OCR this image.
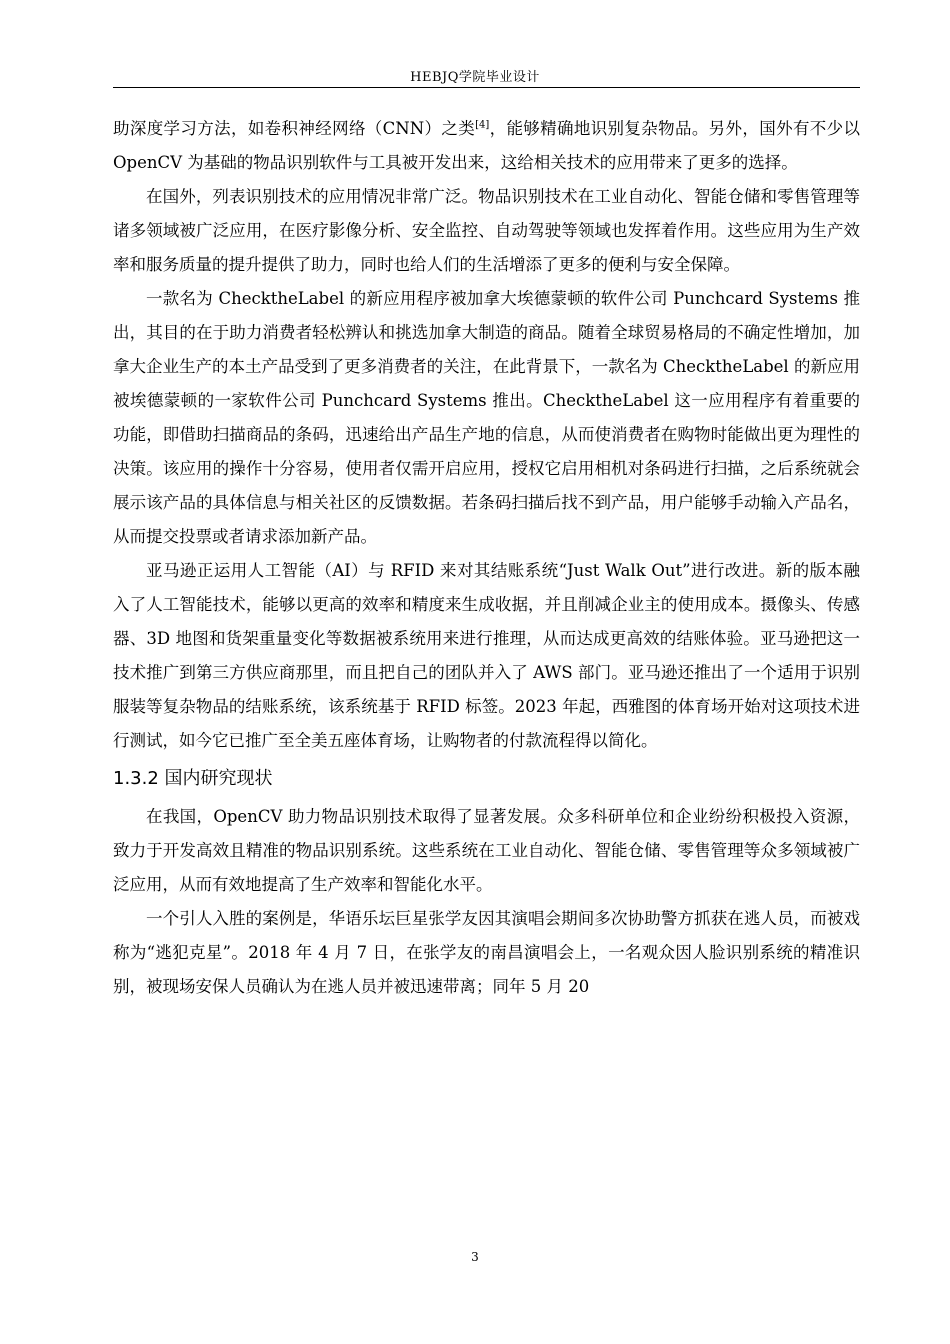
HEBJQ学院毕业设计

助深度学习方法，如卷积神经网络（CNN）之类[4]，能够精确地识别复杂物品。另外，国外有不少以 OpenCV 为基础的物品识别软件与工具被开发出来，这给相关技术的应用带来了更多的选择。

在国外，列表识别技术的应用情况非常广泛。物品识别技术在工业自动化、智能仓储和零售管理等诸多领域被广泛应用，在医疗影像分析、安全监控、自动驾驶等领域也发挥着作用。这些应用为生产效率和服务质量的提升提供了助力，同时也给人们的生活增添了更多的便利与安全保障。

一款名为 ChecktheLabel 的新应用程序被加拿大埃德蒙顿的软件公司 Punchcard Systems 推出，其目的在于助力消费者轻松辨认和挑选加拿大制造的商品。随着全球贸易格局的不确定性增加，加拿大企业生产的本土产品受到了更多消费者的关注，在此背景下，一款名为 ChecktheLabel 的新应用被埃德蒙顿的一家软件公司 Punchcard Systems 推出。ChecktheLabel 这一应用程序有着重要的功能，即借助扫描商品的条码，迅速给出产品生产地的信息，从而使消费者在购物时能做出更为理性的决策。该应用的操作十分容易，使用者仅需开启应用，授权它启用相机对条码进行扫描，之后系统就会展示该产品的具体信息与相关社区的反馈数据。若条码扫描后找不到产品，用户能够手动输入产品名，从而提交投票或者请求添加新产品。

亚马逊正运用人工智能（AI）与 RFID 来对其结账系统“Just Walk Out”进行改进。新的版本融入了人工智能技术，能够以更高的效率和精度来生成收据，并且削减企业主的使用成本。摄像头、传感器、3D 地图和货架重量变化等数据被系统用来进行推理，从而达成更高效的结账体验。亚马逊把这一技术推广到第三方供应商那里，而且把自己的团队并入了 AWS 部门。亚马逊还推出了一个适用于识别服装等复杂物品的结账系统，该系统基于 RFID 标签。2023 年起，西雅图的体育场开始对这项技术进行测试，如今它已推广至全美五座体育场，让购物者的付款流程得以简化。

1.3.2 国内研究现状

在我国，OpenCV 助力物品识别技术取得了显著发展。众多科研单位和企业纷纷积极投入资源，致力于开发高效且精准的物品识别系统。这些系统在工业自动化、智能仓储、零售管理等众多领域被广泛应用，从而有效地提高了生产效率和智能化水平。

一个引人入胜的案例是，华语乐坛巨星张学友因其演唱会期间多次协助警方抓获在逃人员，而被戏称为“逃犯克星”。2018 年 4 月 7 日，在张学友的南昌演唱会上，一名观众因人脸识别系统的精准识别，被现场安保人员确认为在逃人员并被迅速带离；同年 5 月 20

3
